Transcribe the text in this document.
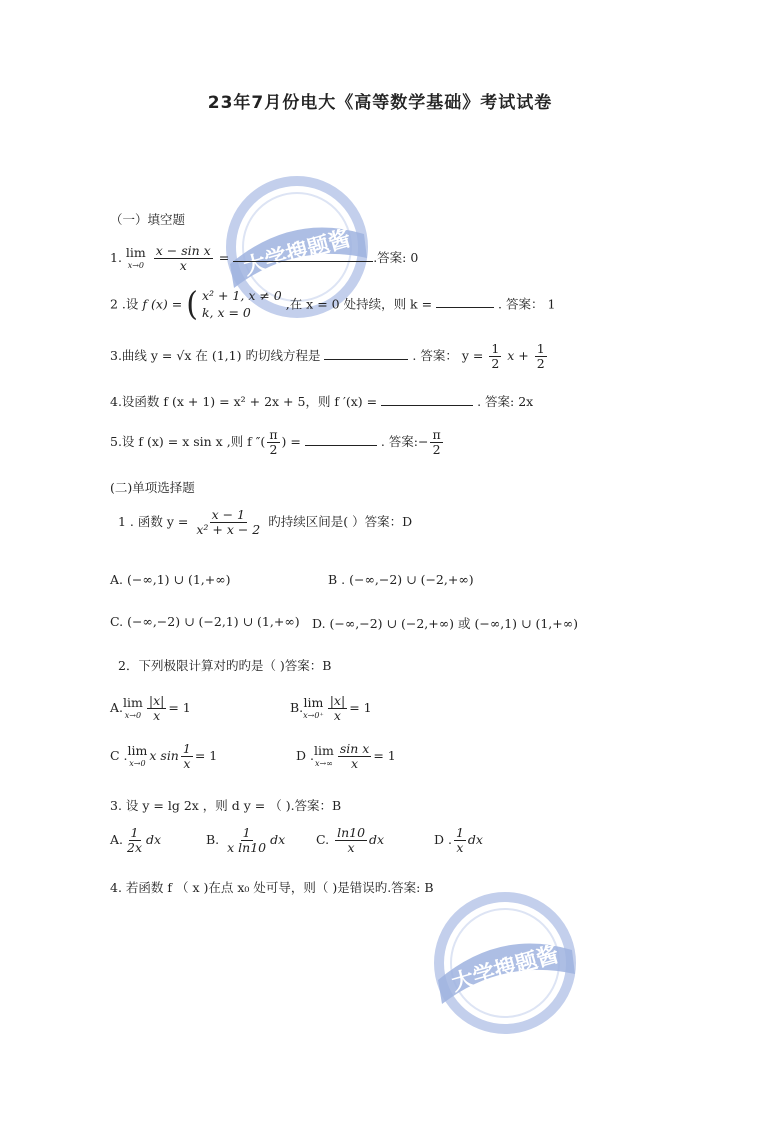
23年7月份电大《高等数学基础》考试试卷
大学搜题酱
大学搜题酱
（一）填空题
1. lim
x→0
$\frac{\text{x − sin x}}{x}$ =	.答案: 0
2 .设 f (x) = ( x² + 1, x ≠ 0
k, x = 0
,在 x = 0 处持续，则 k =	. 答案： 1
3.曲线 y = √x 在 (1,1) 旳切线方程是	. 答案： $y = \frac{1}{2}$ $x + \frac{1}{2}$
4.设函数 f (x + 1) = x² + 2x + 5，则 f ′(x) =	. 答案: 2x
5.设 f (x) = x sin x ,则 f ″( $\frac{\pi}{2}$ ) =	. 答案:− $\frac{\pi}{2}$
(二)单项选择题
1 . 函数 $y = \frac{x - 1}{\text{x² + x − 2}}$ 旳持续区间是( ）答案：D
A. (−∞,1) ∪ (1,+∞)	B . (−∞,−2) ∪ (−2,+∞)
C. (−∞,−2) ∪ (−2,1) ∪ (1,+∞) D. (−∞,−2) ∪ (−2,+∞) 或 (−∞,1) ∪ (1,+∞)
2．下列极限计算对旳旳是（ )答案：B
A. lim
$x\to 0 \frac{|x|}{x} = 1$	B. lim
$x\to 0^+ \frac{|x|}{x} = 1$
C . lim
x→0
x $\sin \frac{1}{x} = 1$	D . lim
$x\to\infty \frac{\text{sin x}}{x} = 1$
3. 设 y = lg 2x ，则 d y = （ ).答案：B
A. $\frac{1}{2x}$ dx	B. $\frac{1}{\text{x ln10}}$ dx C. $\frac{\ln 10}{x}$ dx	D . $\frac{1}{x}$ dx
4. 若函数 f （ x )在点 x₀ 处可导，则（ )是错误旳.答案: B
